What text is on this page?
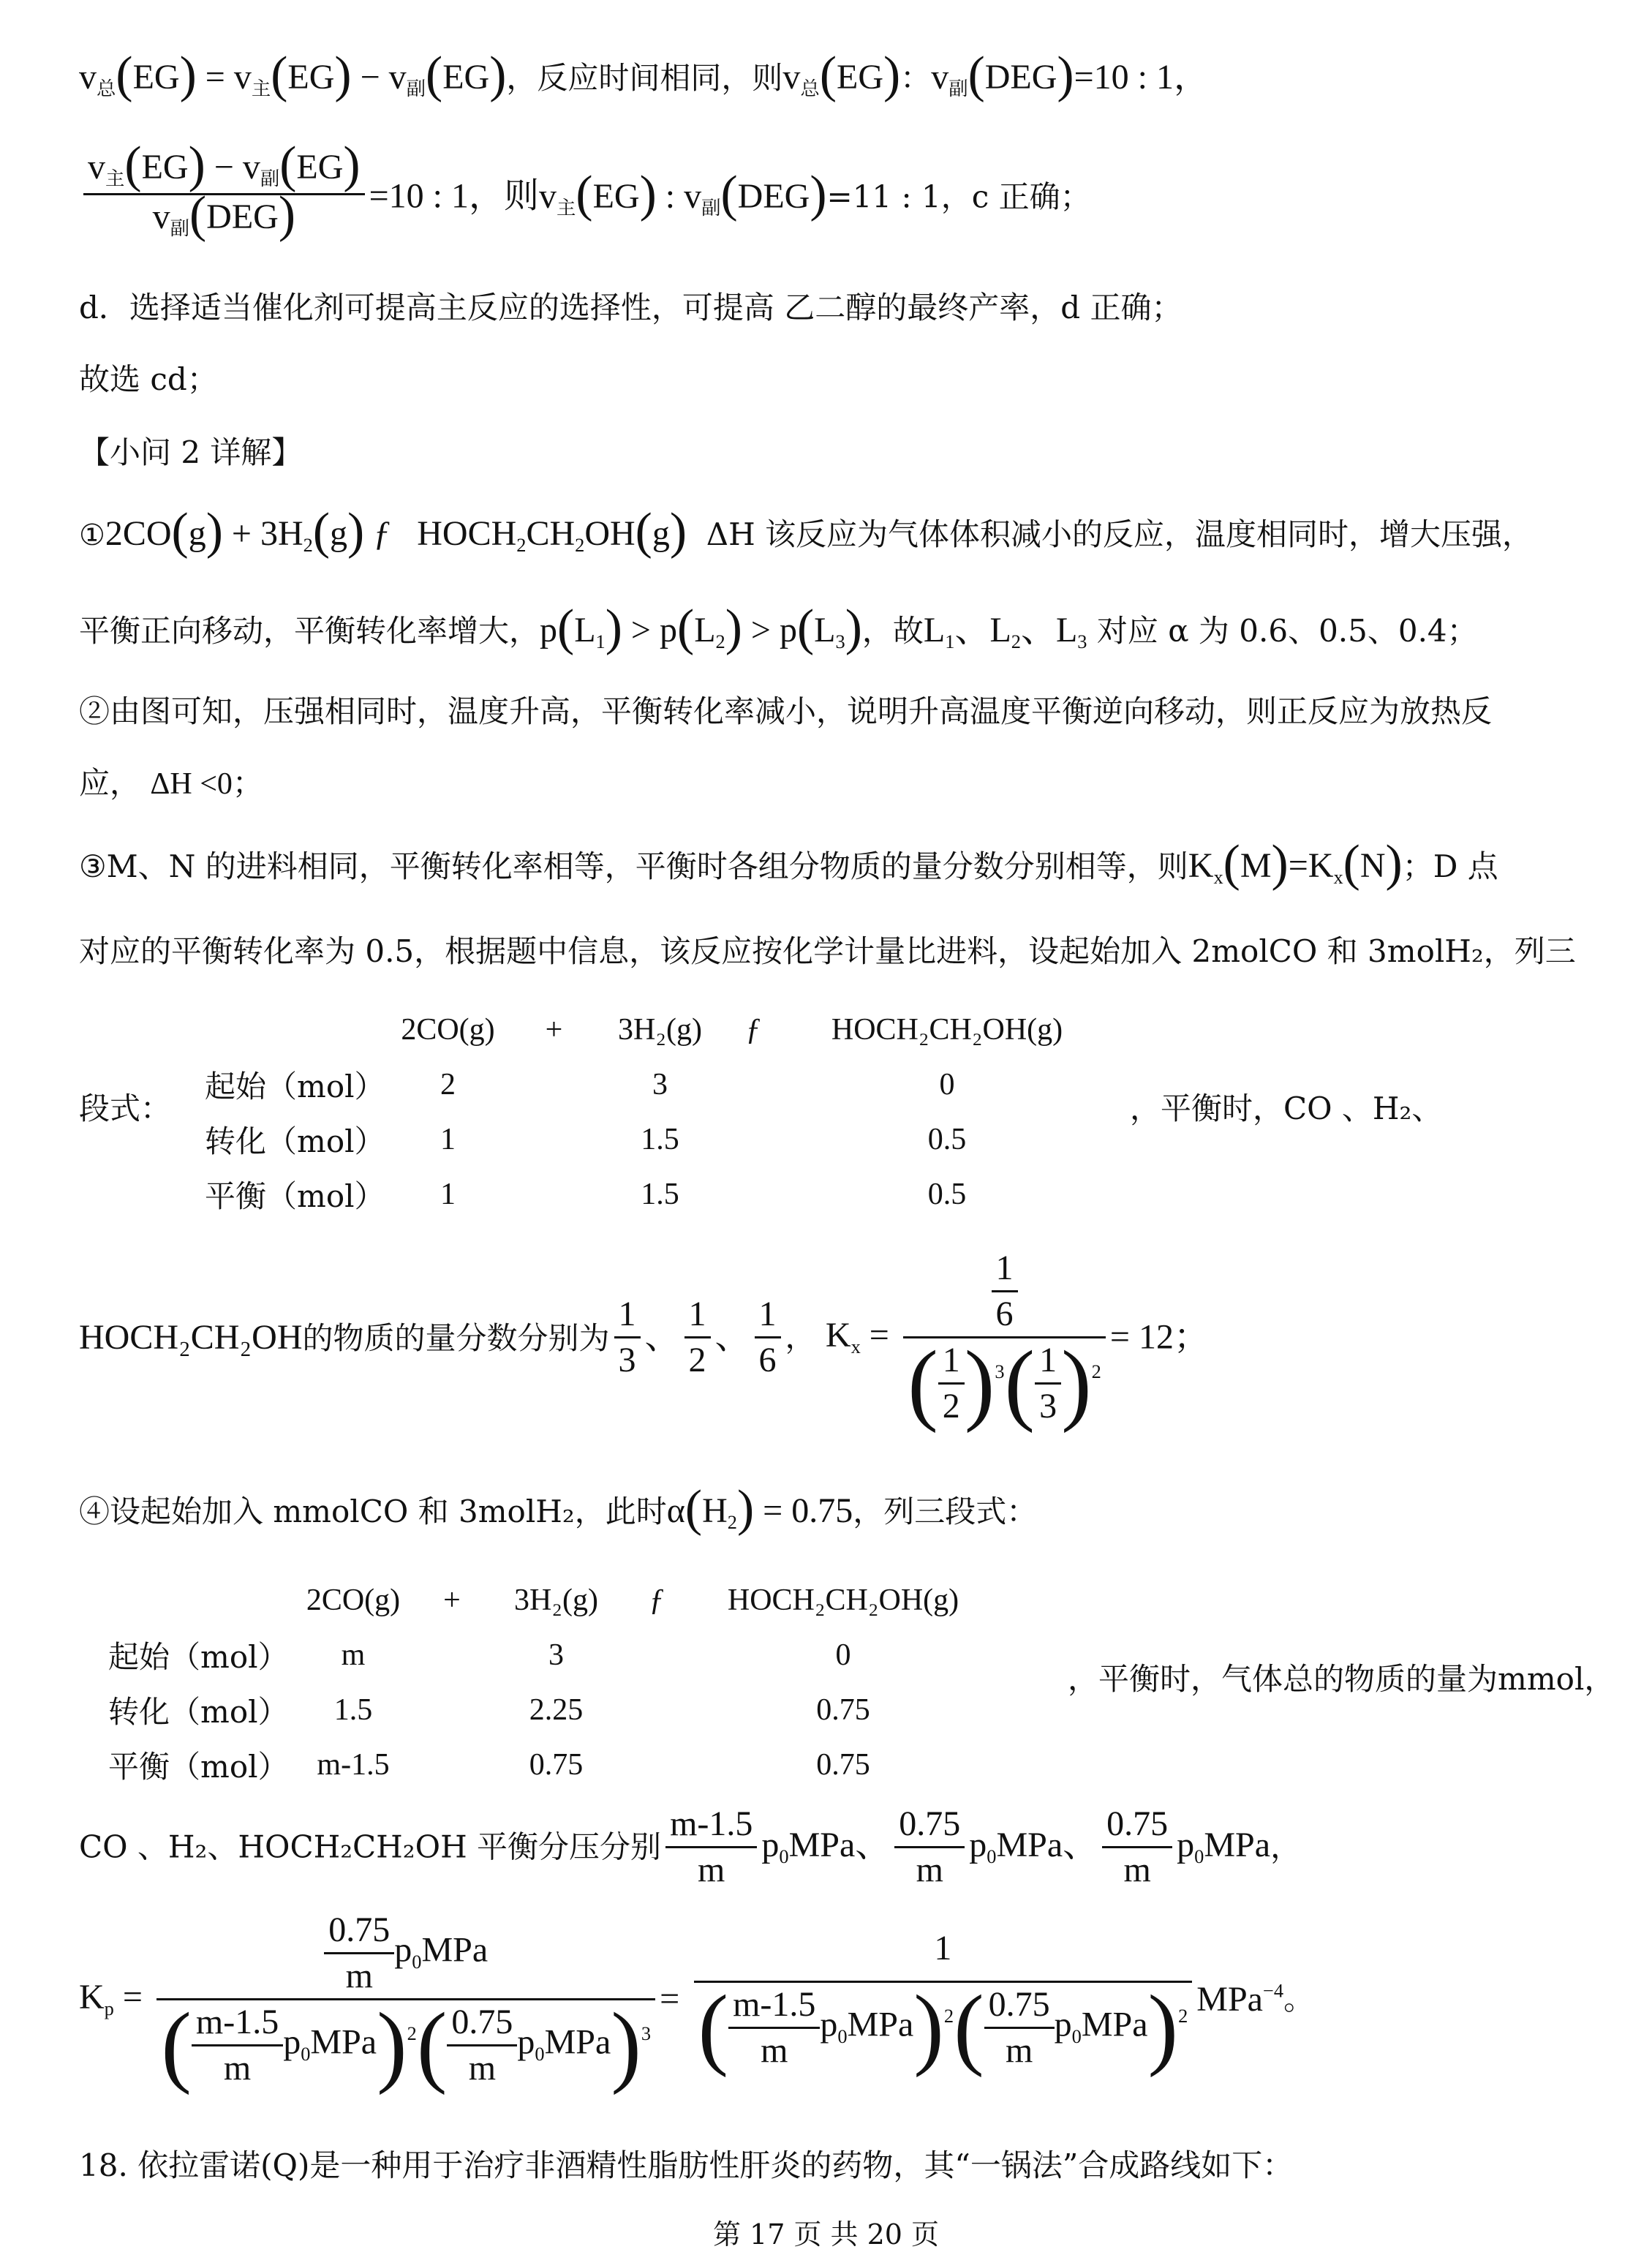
$v_总(EG) = v_主(EG) - v_副(EG)$，反应时间相同，则$v_总(EG)$：$v_副(DEG)=10$ : 1，
$\frac{v_主(EG) - v_副(EG)}{v_副(DEG)} =10$ : 1，则$v_主(EG)$ : $v_副(DEG)=11$ : 1，c 正确；
d．选择适当催化剂可提高主反应的选择性，可提高 乙二醇的最终产率，d 正确；
故选 cd；
【小问 2 详解】
①2CO(g) + $3H_2(g)$ ƒ   $HOCH_2CH_2OH(g)$ ΔH 该反应为气体体积减小的反应，温度相同时，增大压强，
平衡正向移动，平衡转化率增大，$p(L_1) > p(L_2) > p(L_3)$，故$L_1$、$L_2$、$L_3$ 对应 α 为 0.6、0.5、0.4；
②由图可知，压强相同时，温度升高，平衡转化率减小，说明升高温度平衡逆向移动，则正反应为放热反
应， ΔH <0；
③M、N 的进料相同，平衡转化率相等，平衡时各组分物质的量分数分别相等，则$K_x(M)=K_x(N)$；D 点
对应的平衡转化率为 0.5，根据题中信息，该反应按化学计量比进料，设起始加入 2molCO 和 3molH₂，列三
段式：
	2CO(g)	+	3H₂(g)	ƒ	HOCH₂CH₂OH(g)
起始（mol）	2		3		0
转化（mol）	1		1.5		0.5
平衡（mol）	1		1.5		0.5
，平衡时，CO 、H₂、
HOCH₂CH₂OH的物质的量分数分别为 $\frac{1}{3}$ 、 $\frac{1}{2}$ 、 $\frac{1}{6}$ ， $K_x = \frac{\frac{1}{6}}{( \frac{1}{2} )^3( \frac{1}{3} )^2} = 12$；
④设起始加入 mmolCO 和 3molH₂，此时$\alpha(H_2) = 0.75$，列三段式：
	2CO(g)	+	3H₂(g)	ƒ	HOCH₂CH₂OH(g)
起始（mol）	m		3		0
转化（mol）	1.5		2.25		0.75
平衡（mol）	m-1.5		0.75		0.75
，平衡时，气体总的物质的量为mmol，
CO 、H₂、HOCH₂CH₂OH 平衡分压分别 $\frac{m-1.5}{m} p_0MPa$、 $\frac{0.75}{m} p_0MPa$、 $\frac{0.75}{m} p_0MPa$，
$K_p = \frac{\frac{0.75}{m} p_0MPa}{( \frac{m-1.5}{m} p_0MPa)^2( \frac{0.75}{m} p_0MPa)^3} = \frac{1}{( \frac{m-1.5}{m} p_0MPa)^2( \frac{0.75}{m} p_0MPa)^2} MPa^{-4}$。
18. 依拉雷诺(Q)是一种用于治疗非酒精性脂肪性肝炎的药物，其“一锅法”合成路线如下：
第 17 页 共 20 页
